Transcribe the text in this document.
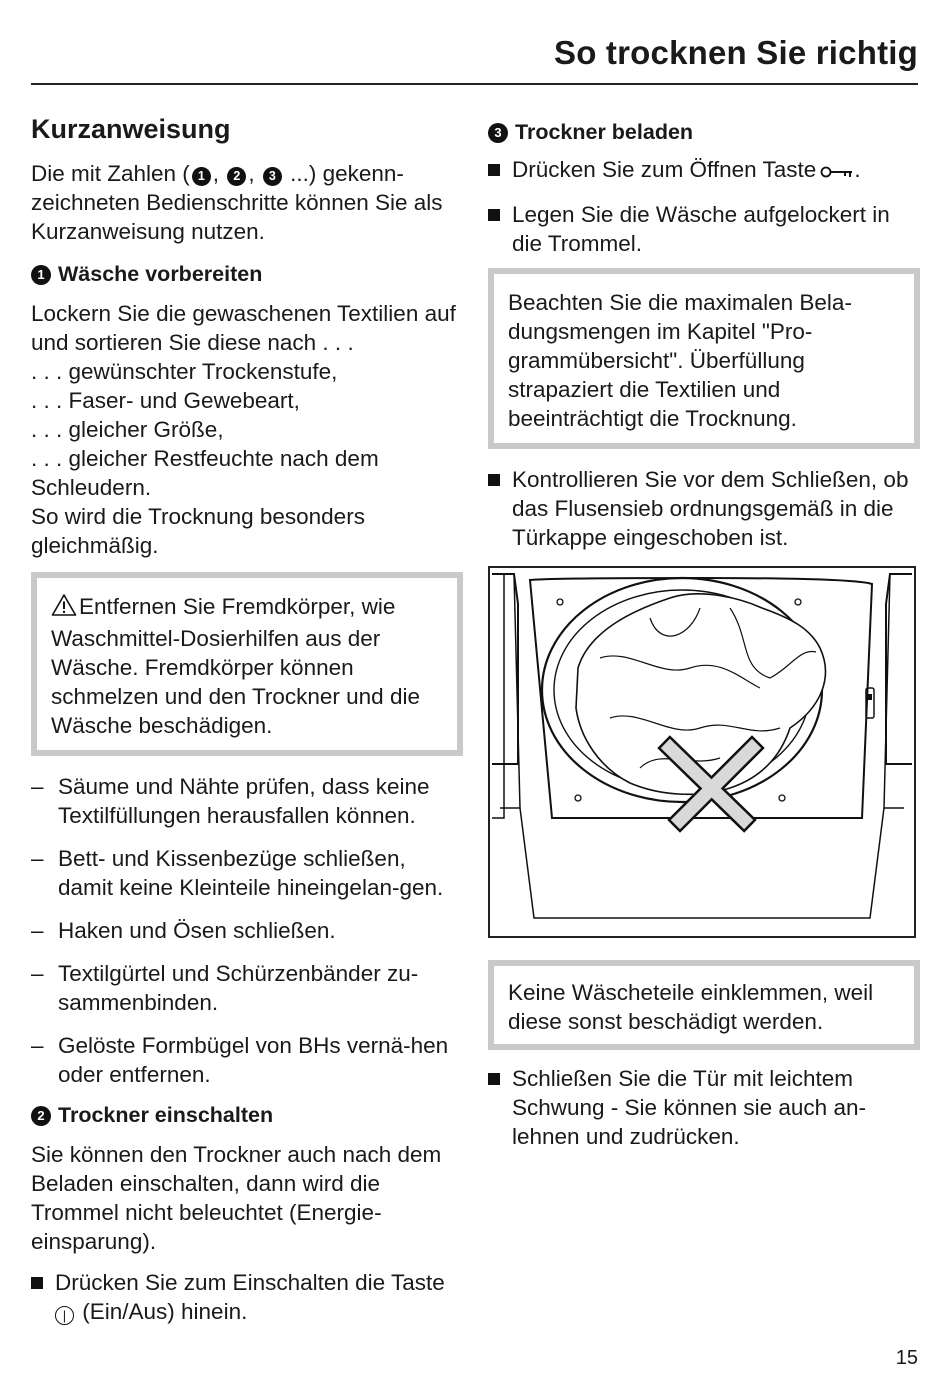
So trocknen Sie richtig
Kurzanweisung

Die mit Zahlen ( 1 , 2 , 3 ...) gekenn-zeichneten Bedienschritte können Sie als Kurzanweisung nutzen.

1 Wäsche vorbereiten

Lockern Sie die gewaschenen Textilien auf und sortieren Sie diese nach . . .

. . . gewünschter Trockenstufe,

. . . Faser- und Gewebeart,

. . . gleicher Größe,

. . . gleicher Restfeuchte nach dem Schleudern.

So wird die Trocknung besonders gleichmäßig.

Entfernen Sie Fremdkörper, wie Waschmittel-Dosierhilfen aus der Wäsche. Fremdkörper können schmelzen und den Trockner und die Wäsche beschädigen.
– Säume und Nähte prüfen, dass keine Textilfüllungen herausfallen können.
– Bett- und Kissenbezüge schließen, damit keine Kleinteile hineingelan-gen.
– Haken und Ösen schließen.
– Textilgürtel und Schürzenbänder zu-sammenbinden.
– Gelöste Formbügel von BHs vernä-hen oder entfernen.
2 Trockner einschalten

Sie können den Trockner auch nach dem Beladen einschalten, dann wird die Trommel nicht beleuchtet (Energie-einsparung).

Drücken Sie zum Einschalten die Taste | (Ein/Aus) hinein.
3 Trockner beladen
Drücken Sie zum Öffnen Taste .
Legen Sie die Wäsche aufgelockert in die Trommel.
Beachten Sie die maximalen Bela-dungsmengen im Kapitel "Pro-grammübersicht". Überfüllung strapaziert die Textilien und beeinträchtigt die Trocknung.
Kontrollieren Sie vor dem Schließen, ob das Flusensieb ordnungsgemäß in die Türkappe eingeschoben ist.
Keine Wäscheteile einklemmen, weil diese sonst beschädigt werden.
Schließen Sie die Tür mit leichtem Schwung - Sie können sie auch an-lehnen und zudrücken.
15
